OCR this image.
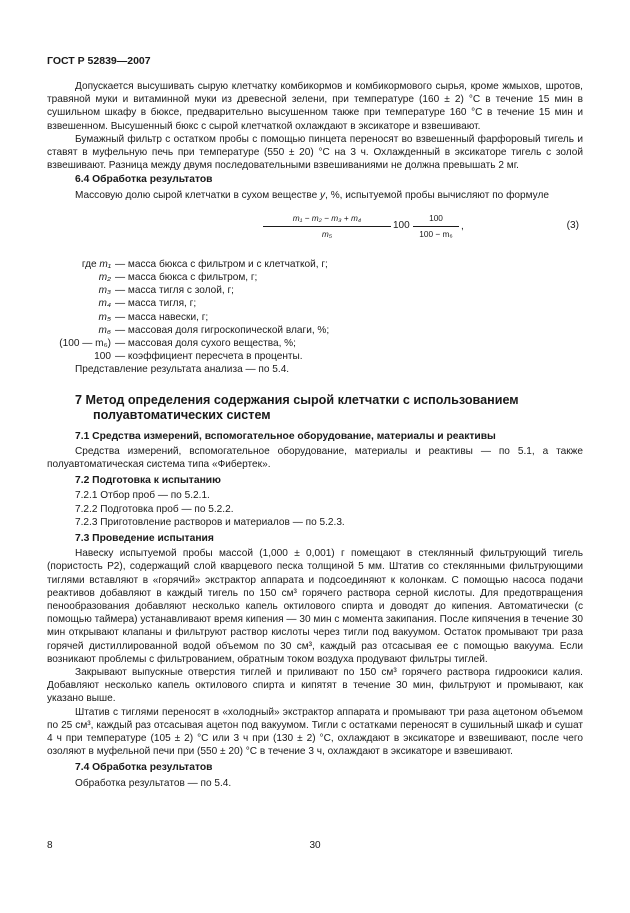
ГОСТ Р 52839—2007

Допускается высушивать сырую клетчатку комбикормов и комбикормового сырья, кроме жмыхов, шротов, травяной муки и витаминной муки из древесной зелени, при температуре (160 ± 2) °С в течение 15 мин в сушильном шкафу в бюксе, предварительно высушенном также при температуре 160 °С в течение 15 мин и взвешенном. Высушенный бюкс с сырой клетчаткой охлаждают в эксикаторе и взвешивают.

Бумажный фильтр с остатком пробы с помощью пинцета переносят во взвешенный фарфоровый тигель и ставят в муфельную печь при температуре (550 ± 20) °С на 3 ч. Охлажденный в эксикаторе тигель с золой взвешивают. Разница между двумя последовательными взвешиваниями не должна превышать 2 мг.

6.4 Обработка результатов

Массовую долю сырой клетчатки в сухом веществе y, %, испытуемой пробы вычисляют по формуле

m₁ − m₂ − m₃ + m₄
m₅
100
100
100 − m₆
,	(3)
где m₁ — масса бюкса с фильтром и с клетчаткой, г;
m₂ — масса бюкса с фильтром, г;
m₃ — масса тигля с золой, г;
m₄ — масса тигля, г;
m₅ — масса навески, г;
m₆ — массовая доля гигроскопической влаги, %;
(100 — m₆) — массовая доля сухого вещества, %;
100 — коэффициент пересчета в проценты.

Представление результата анализа — по 5.4.

7 Метод определения содержания сырой клетчатки с использованием полуавтоматических систем
7.1 Средства измерений, вспомогательное оборудование, материалы и реактивы

Средства измерений, вспомогательное оборудование, материалы и реактивы — по 5.1, а также полуавтоматическая система типа «Фибертек».

7.2 Подготовка к испытанию

7.2.1 Отбор проб — по 5.2.1.

7.2.2 Подготовка проб — по 5.2.2.

7.2.3 Приготовление растворов и материалов — по 5.2.3.

7.3 Проведение испытания

Навеску испытуемой пробы массой (1,000 ± 0,001) г помещают в стеклянный фильтрующий тигель (пористость Р2), содержащий слой кварцевого песка толщиной 5 мм. Штатив со стеклянными фильтрующими тиглями вставляют в «горячий» экстрактор аппарата и подсоединяют к колонкам. С помощью насоса подачи реактивов добавляют в каждый тигель по 150 см³ горячего раствора серной кислоты. Для предотвращения пенообразования добавляют несколько капель октилового спирта и доводят до кипения. Автоматически (с помощью таймера) устанавливают время кипения — 30 мин с момента закипания. После кипячения в течение 30 мин открывают клапаны и фильтруют раствор кислоты через тигли под вакуумом. Остаток промывают три раза горячей дистиллированной водой объемом по 30 см³, каждый раз отсасывая ее с помощью вакуума. Если возникают проблемы с фильтрованием, обратным током воздуха продувают фильтры тиглей.

Закрывают выпускные отверстия тиглей и приливают по 150 см³ горячего раствора гидроокиси калия. Добавляют несколько капель октилового спирта и кипятят в течение 30 мин, фильтруют и промывают, как указано выше.

Штатив с тиглями переносят в «холодный» экстрактор аппарата и промывают три раза ацетоном объемом по 25 см³, каждый раз отсасывая ацетон под вакуумом. Тигли с остатками переносят в сушильный шкаф и сушат 4 ч при температуре (105 ± 2) °С или 3 ч при (130 ± 2) °С, охлаждают в эксикаторе и взвешивают, после чего озоляют в муфельной печи при (550 ± 20) °С в течение 3 ч, охлаждают в эксикаторе и взвешивают.

7.4 Обработка результатов

Обработка результатов — по 5.4.

8	30
